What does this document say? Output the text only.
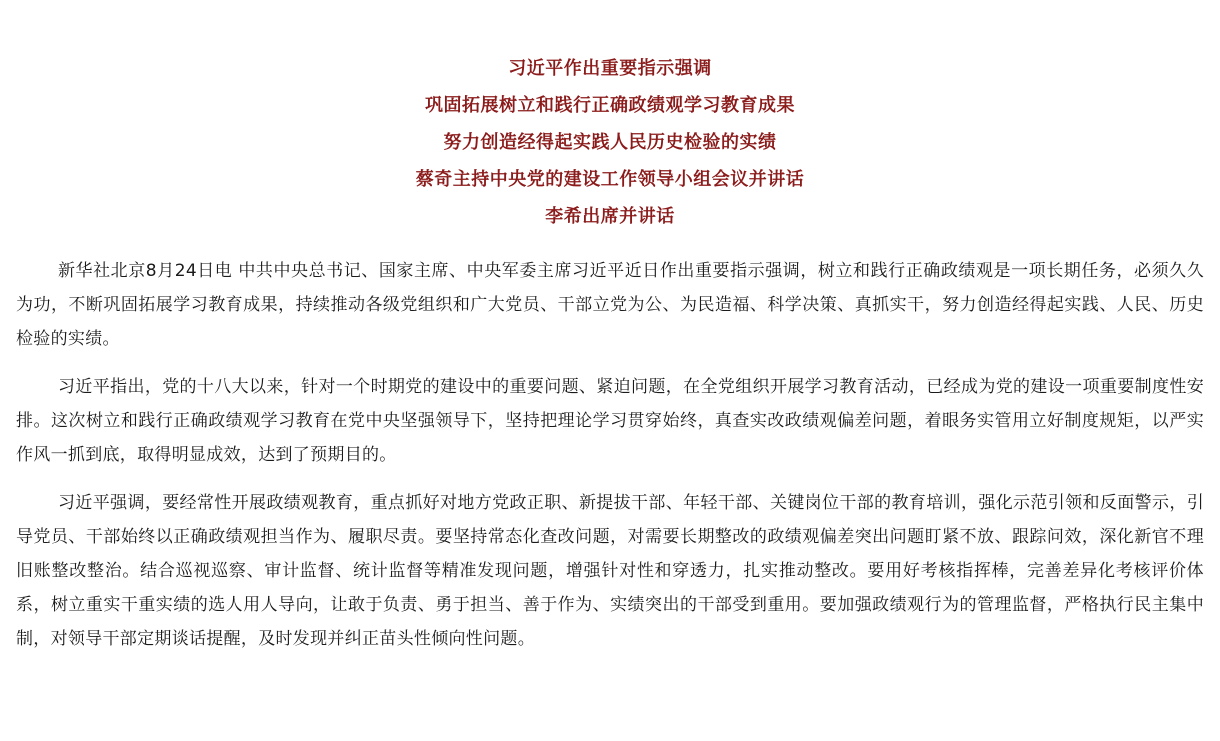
习近平作出重要指示强调
巩固拓展树立和践行正确政绩观学习教育成果
努力创造经得起实践人民历史检验的实绩
蔡奇主持中央党的建设工作领导小组会议并讲话
李希出席并讲话

新华社北京8月24日电 中共中央总书记、国家主席、中央军委主席习近平近日作出重要指示强调，树立和践行正确政绩观是一项长期任务，必须久久为功，不断巩固拓展学习教育成果，持续推动各级党组织和广大党员、干部立党为公、为民造福、科学决策、真抓实干，努力创造经得起实践、人民、历史检验的实绩。

习近平指出，党的十八大以来，针对一个时期党的建设中的重要问题、紧迫问题，在全党组织开展学习教育活动，已经成为党的建设一项重要制度性安排。这次树立和践行正确政绩观学习教育在党中央坚强领导下，坚持把理论学习贯穿始终，真查实改政绩观偏差问题，着眼务实管用立好制度规矩，以严实作风一抓到底，取得明显成效，达到了预期目的。

习近平强调，要经常性开展政绩观教育，重点抓好对地方党政正职、新提拔干部、年轻干部、关键岗位干部的教育培训，强化示范引领和反面警示，引导党员、干部始终以正确政绩观担当作为、履职尽责。要坚持常态化查改问题，对需要长期整改的政绩观偏差突出问题盯紧不放、跟踪问效，深化新官不理旧账整改整治。结合巡视巡察、审计监督、统计监督等精准发现问题，增强针对性和穿透力，扎实推动整改。要用好考核指挥棒，完善差异化考核评价体系，树立重实干重实绩的选人用人导向，让敢于负责、勇于担当、善于作为、实绩突出的干部受到重用。要加强政绩观行为的管理监督，严格执行民主集中制，对领导干部定期谈话提醒，及时发现并纠正苗头性倾向性问题。
